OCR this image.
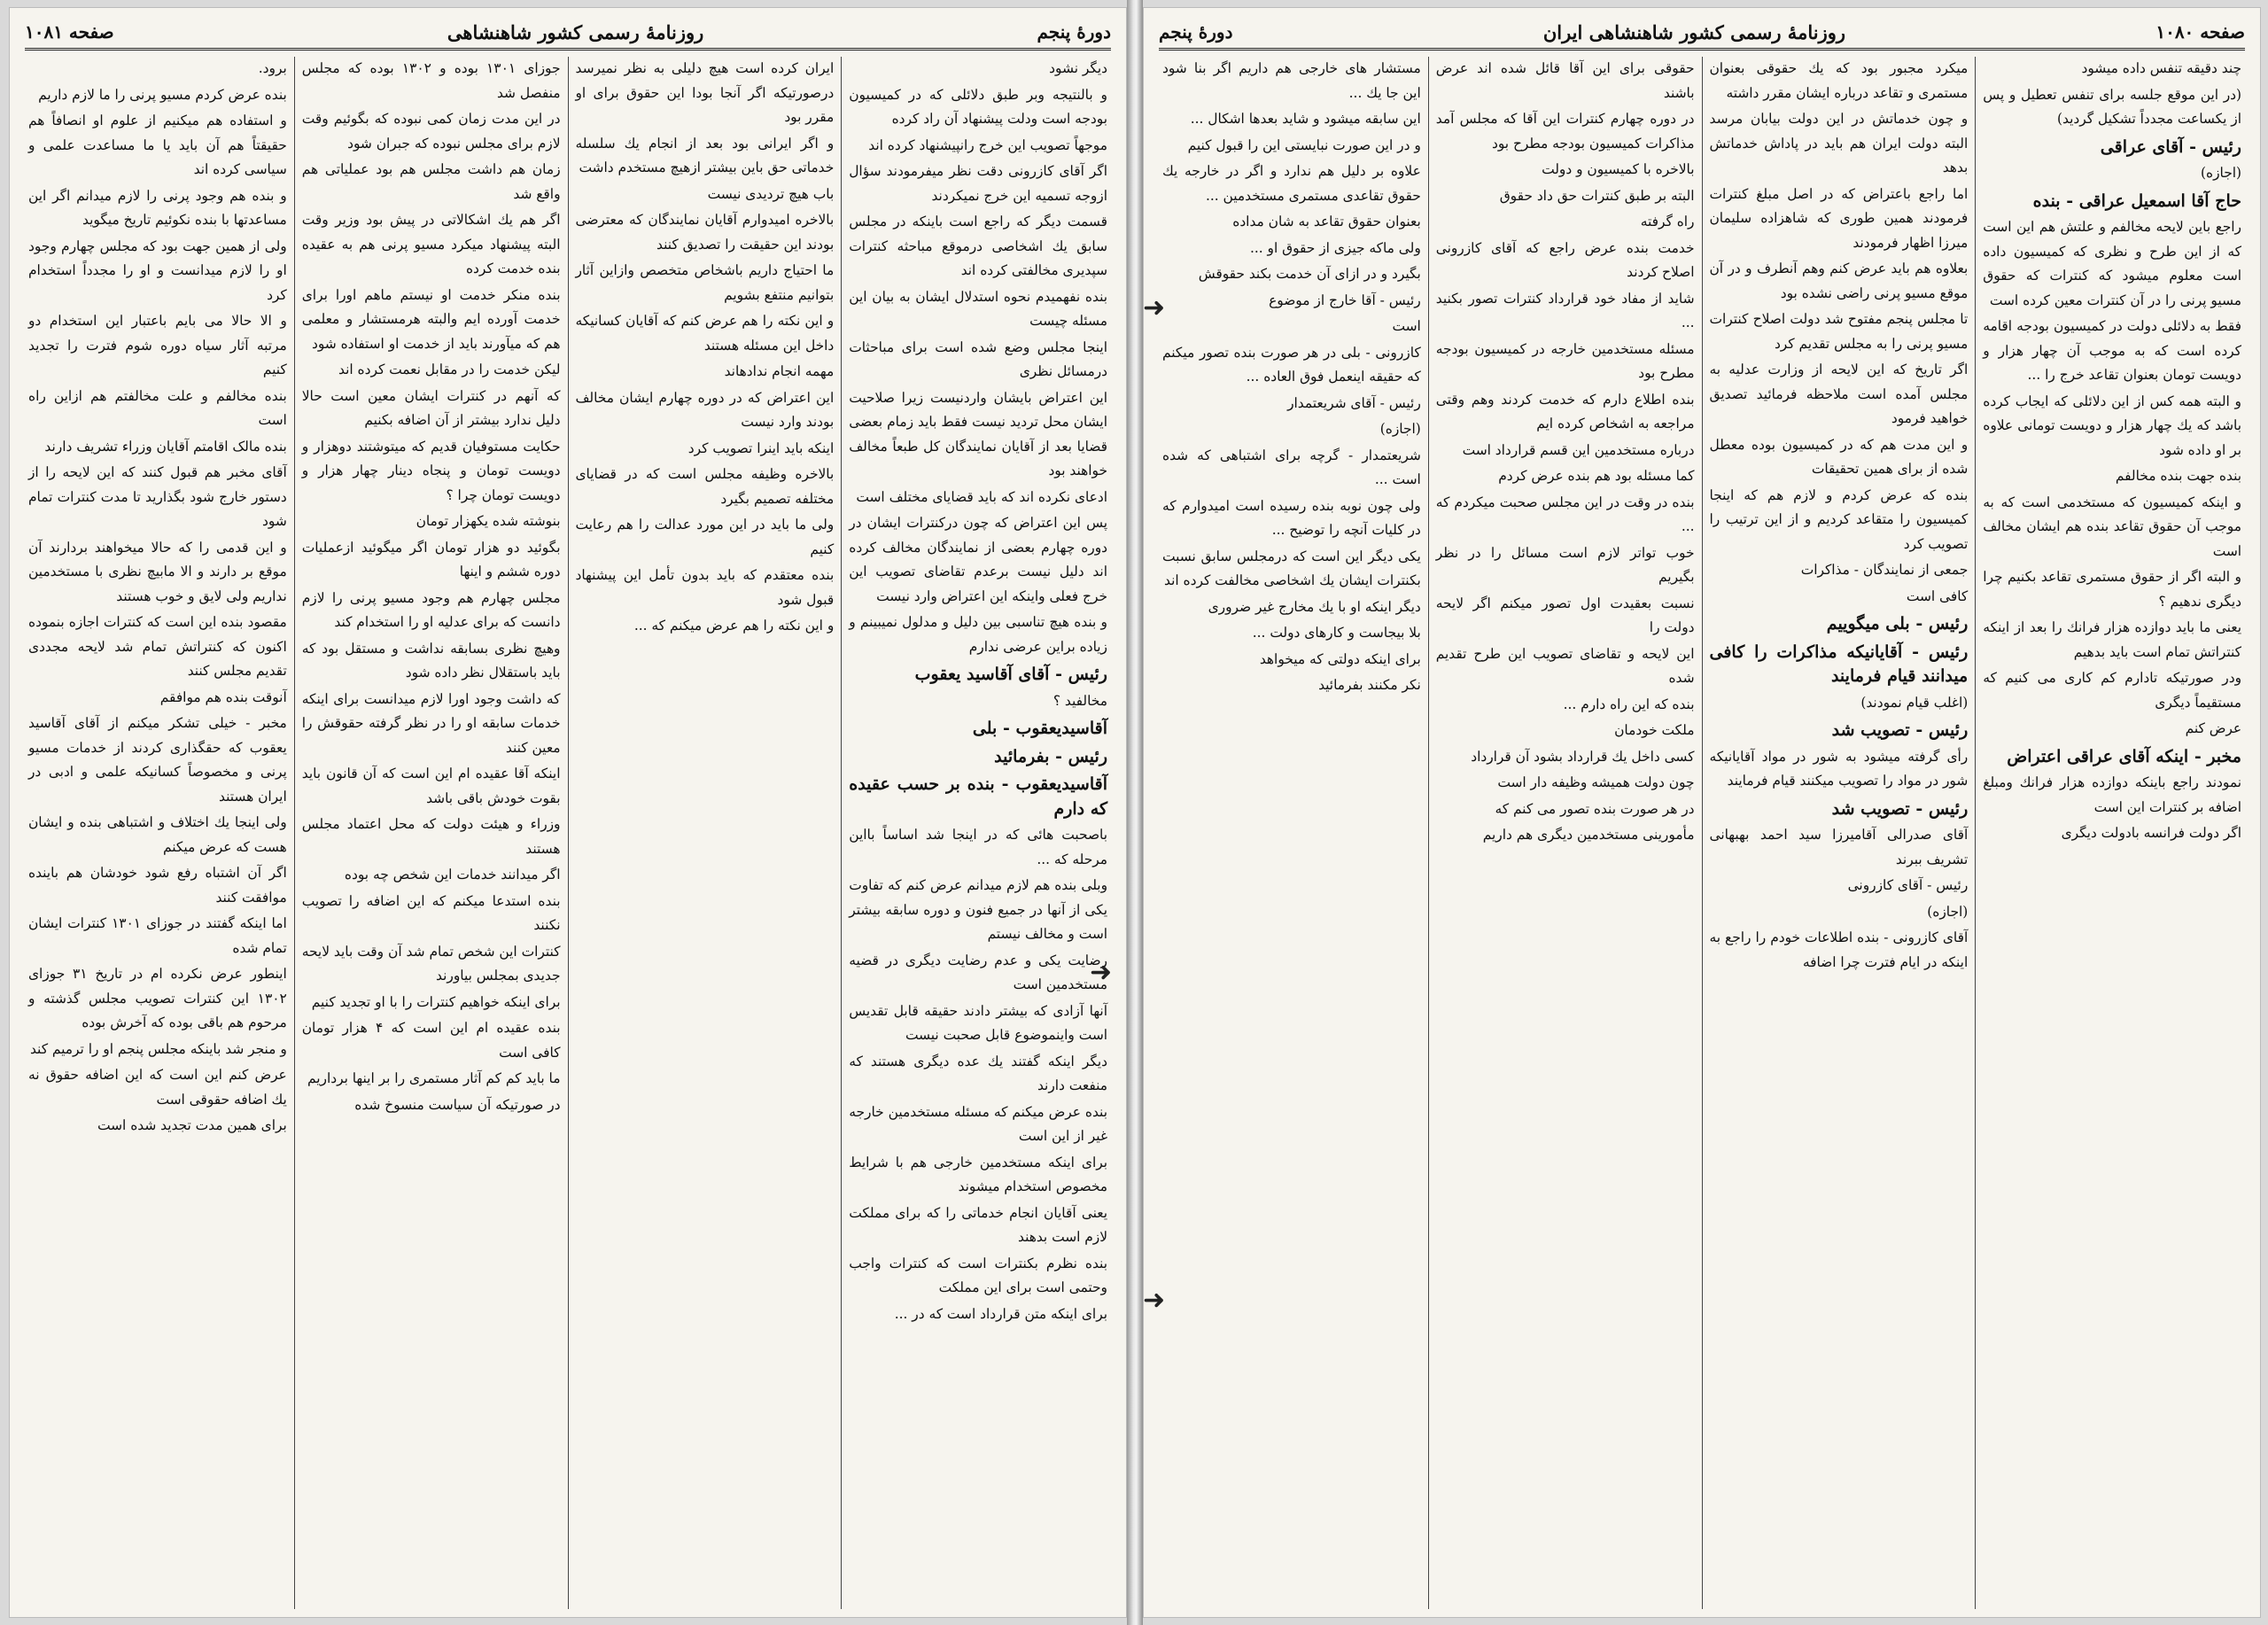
دورهٔ پنجم
روزنامهٔ رسمی کشور شاهنشاهی
صفحه ۱۰۸۱

دیگر نشود

و بالنتیجه وبر طبق دلائلی که در کمیسیون بودجه است ودلت پیشنهاد آن راد کرده

موجهاً تصویب این خرج رانپیشنهاد کرده اند

اگر آقای کازرونی دقت نظر میفرمودند سؤال ازوجه تسمیه این خرج نمیکردند

قسمت دیگر که راجع است باینکه در مجلس سابق یك اشخاصی درموقع مباحثه کنترات سپدیری مخالفتی کرده اند

بنده نفهمیدم نحوه استدلال ایشان به بیان این مسئله چیست

اینجا مجلس وضع شده است برای مباحثات درمسائل نظری

این اعتراض بایشان واردنیست زیرا صلاحیت ایشان محل تردید نیست فقط باید زمام بعضی قضایا بعد از آقایان نمایندگان کل طبعاً مخالف خواهند بود

ادعای نکرده اند که باید قضایای مختلف است

پس این اعتراض که چون درکنترات ایشان در دوره چهارم بعضی از نمایندگان مخالف کرده اند دلیل نیست برعدم تقاضای تصویب این خرج فعلی واینکه این اعتراض وارد نیست

و بنده هیچ تناسبی بین دلیل و مدلول نمیبینم و زیاده براین عرضی ندارم

رئیس - آقای آقاسید یعقوب

مخالفید ؟

آقاسیدیعقوب - بلی
رئیس - بفرمائید
آقاسیدیعقوب - بنده بر حسب عقیده که دارم

باصحبت هائی که در اینجا شد اساساً بااین مرحله که ...

وبلی بنده هم لازم میدانم عرض کنم که تفاوت یکی از آنها در جمیع فنون و دوره سابقه بیشتر است و مخالف نیستم

رضایت یکی و عدم رضایت دیگری در قضیه مستخدمین است

آنها آزادی که بیشتر دادند حقیقه قابل تقدیس است واینموضوع قابل صحبت نیست

دیگر اینکه گفتند یك عده دیگری هستند که منفعت دارند

بنده عرض میکنم که مسئله مستخدمین خارجه غیر از این است

برای اینکه مستخدمین خارجی هم با شرایط مخصوص استخدام میشوند

یعنی آقایان انجام خدماتی را که برای مملکت لازم است بدهند

بنده نظرم بکنترات است که کنترات واجب وحتمی است برای این مملکت

برای اینکه متن قرارداد است که در ...

ایران کرده است هیچ دلیلی به نظر نمیرسد درصورتیکه اگر آنجا بودا این حقوق برای او مقرر بود

و اگر ایرانی بود بعد از انجام یك سلسله خدماتی حق باین بیشتر ازهیچ مستخدم داشت

باب هیچ تردیدی نیست

بالاخره امیدوارم آقایان نمایندگان که معترضی بودند این حقیقت را تصدیق کنند

ما احتیاج داریم باشخاص متخصص وازاین آثار بتوانیم منتفع بشویم

و این نکته را هم عرض کنم که آقایان کسانیکه داخل این مسئله هستند

مهمه انجام ندادهاند

این اعتراض که در دوره چهارم ایشان مخالف بودند وارد نیست

اینکه باید اینرا تصویب کرد

بالاخره وظیفه مجلس است که در قضایای مختلفه تصمیم بگیرد

ولی ما باید در این مورد عدالت را هم رعایت کنیم

بنده معتقدم که باید بدون تأمل این پیشنهاد قبول شود

و این نکته را هم عرض میکنم که ...

جوزای ۱۳۰۱ بوده و ۱۳۰۲ بوده که مجلس منفصل شد

در این مدت زمان کمی نبوده که بگوئیم وقت لازم برای مجلس نبوده که جبران شود

زمان هم داشت مجلس هم بود عملیاتی هم واقع شد

اگر هم یك اشکالاتی در پیش بود وزیر وقت البته پیشنهاد میکرد مسیو پرنی هم به عقیده بنده خدمت کرده

بنده منکر خدمت او نیستم ماهم اورا برای خدمت آورده ایم والبته هرمستشار و معلمی هم که میآورند باید از خدمت او استفاده شود

لیکن خدمت را در مقابل نعمت کرده اند

که آنهم در کنترات ایشان معین است حالا دلیل ندارد بیشتر از آن اضافه بکنیم

حکایت مستوفیان قدیم که میتوشتند دوهزار و دویست تومان و پنجاه دینار چهار هزار و دویست تومان چرا ؟

بنوشته شده یکهزار تومان

بگوئید دو هزار تومان اگر میگوئید ازعملیات دوره ششم و اینها

مجلس چهارم هم وجود مسیو پرنی را لازم دانست که برای عدلیه او را استخدام کند

وهیچ نظری بسابقه نداشت و مستقل بود که باید باستقلال نظر داده شود

که داشت وجود اورا لازم میدانست برای اینکه خدمات سابقه او را در نظر گرفته حقوقش را معین کنند

اینکه آقا عقیده ام این است که آن قانون باید بقوت خودش باقی باشد

وزراء و هیئت دولت که محل اعتماد مجلس هستند

اگر میدانند خدمات این شخص چه بوده

بنده استدعا میکنم که این اضافه را تصویب نکنند

کنترات این شخص تمام شد آن وقت باید لایحه جدیدی بمجلس بیاورند

برای اینکه خواهیم کنترات را با او تجدید کنیم

بنده عقیده ام این است که ۴ هزار تومان کافی است

ما باید کم کم آثار مستمری را بر اینها برداریم

در صورتیکه آن سیاست منسوخ شده

برود.

بنده عرض کردم مسیو پرنی را ما لازم داریم

و استفاده هم میکنیم از علوم او انصافاً هم حقیقتاً هم آن باید یا ما مساعدت علمی و سیاسی کرده اند

و بنده هم وجود پرنی را لازم میدانم اگر این مساعدتها با بنده نکوئیم تاریخ میگوید

ولی از همین جهت بود که مجلس چهارم وجود او را لازم میدانست و او را مجدداً استخدام کرد

و الا حالا می بایم باعتبار این استخدام دو مرتبه آثار سیاه دوره شوم فترت را تجدید کنیم

بنده مخالفم و علت مخالفتم هم ازاین راه است

بنده مالک اقامتم آقایان وزراء تشریف دارند

آقای مخبر هم قبول کنند که این لایحه را از دستور خارج شود بگذارید تا مدت کنترات تمام شود

و این قدمی را که حالا میخواهند بردارند آن موقع بر دارند و الا مابیچ نظری با مستخدمین نداریم ولی لایق و خوب هستند

مقصود بنده این است که کنترات اجازه بنموده اکنون که کنتراتش تمام شد لایحه مجددی تقدیم مجلس کنند

آنوقت بنده هم موافقم

مخبر - خیلی تشکر میکنم از آقای آقاسید یعقوب که حقگذاری کردند از خدمات مسیو پرنی و مخصوصاً کسانیکه علمی و ادبی در ایران هستند

ولی اینجا یك اختلاف و اشتباهی بنده و ایشان هست که عرض میکنم

اگر آن اشتباه رفع شود خودشان هم باینده موافقت کنند

اما اینکه گفتند در جوزای ۱۳۰۱ کنترات ایشان تمام شده

اینطور عرض نکرده ام در تاریخ ۳۱ جوزای ۱۳۰۲ این کنترات تصویب مجلس گذشته و مرحوم هم باقی بوده که آخرش بوده

و منجر شد باینکه مجلس پنجم او را ترمیم کند

عرض کنم این است که این اضافه حقوق نه یك اضافه حقوقی است

برای همین مدت تجدید شده است

صفحه ۱۰۸۰
روزنامهٔ رسمی کشور شاهنشاهی ایران
دورهٔ پنجم

چند دقیقه تنفس داده میشود

(در این موقع جلسه برای تنفس تعطیل و پس از یکساعت مجدداً تشکیل گردید)

رئیس - آقای عراقی

(اجازه)

حاج آقا اسمعیل عراقی - بنده

راجع باین لایحه مخالفم و علتش هم این است که از این طرح و نظری که کمیسیون داده است معلوم میشود که کنترات که حقوق مسیو پرنی را در آن کنترات معین کرده است

فقط به دلائلی دولت در کمیسیون بودجه اقامه کرده است که به موجب آن چهار هزار و دویست تومان بعنوان تقاعد خرج را ...

و البته همه کس از این دلائلی که ایجاب کرده باشد که یك چهار هزار و دویست تومانی علاوه بر او داده شود

بنده جهت بنده مخالفم

و اینکه کمیسیون که مستخدمی است که به موجب آن حقوق تقاعد بنده هم ایشان مخالف است

و البته اگر از حقوق مستمری تقاعد بکنیم چرا دیگری ندهیم ؟

یعنی ما باید دوازده هزار فرانك را بعد از اینکه کنتراتش تمام است باید بدهیم

ودر صورتیکه تادارم کم کاری می کنیم که مستقیماً دیگری

عرض کنم

مخبر - اینکه آقای عراقی اعتراض

نمودند راجع باینکه دوازده هزار فرانك ومبلغ اضافه بر کنترات این است

اگر دولت فرانسه بادولت دیگری

میکرد مجبور بود که یك حقوقی بعنوان مستمری و تقاعد درباره ایشان مقرر داشته

و چون خدماتش در این دولت بیابان مرسد البته دولت ایران هم باید در پاداش خدماتش بدهد

اما راجع باعتراض که در اصل مبلغ کنترات فرمودند همین طوری که شاهزاده سلیمان میرزا اظهار فرمودند

بعلاوه هم باید عرض کنم وهم آنطرف و در آن موقع مسیو پرنی راضی نشده بود

تا مجلس پنجم مفتوح شد دولت اصلاح کنترات مسیو پرنی را به مجلس تقدیم کرد

اگر تاریخ که این لایحه از وزارت عدلیه به مجلس آمده است ملاحظه فرمائید تصدیق خواهید فرمود

و این مدت هم که در کمیسیون بوده معطل شده از برای همین تحقیقات

بنده که عرض کردم و لازم هم که اینجا کمیسیون را متقاعد کردیم و از این ترتیب را تصویب کرد

جمعی از نمایندگان - مذاکرات

کافی است

رئیس - بلی میگوییم
رئیس - آقایانیکه مذاکرات را کافی میدانند قیام فرمایند

(اغلب قیام نمودند)

رئیس - تصویب شد

رأی گرفته میشود به شور در مواد آقایانیکه شور در مواد را تصویب میکنند قیام فرمایند

رئیس - تصویب شد

آقای صدرالی آقامیرزا سید احمد بهبهانی تشریف ببرند

رئیس - آقای کازرونی

(اجازه)

آقای کازرونی - بنده اطلاعات خودم را راجع به اینکه در ایام فترت چرا اضافه

حقوقی برای این آقا قائل شده اند عرض باشند

در دوره چهارم کنترات این آقا که مجلس آمد مذاکرات کمیسیون بودجه مطرح بود

بالاخره با کمیسیون و دولت

البته بر طبق کنترات حق داد حقوق

راه گرفته

خدمت بنده عرض راجع که آقای کازرونی اصلاح کردند

شاید از مفاد خود قرارداد کنترات تصور بکنید ...

مسئله مستخدمین خارجه در کمیسیون بودجه مطرح بود

بنده اطلاع دارم که خدمت کردند وهم وقتی مراجعه به اشخاص کرده ایم

درباره مستخدمین این قسم قرارداد است

کما مسئله بود هم بنده عرض کردم

بنده در وقت در این مجلس صحبت میکردم که ...

خوب تواتر لازم است مسائل را در نظر بگیریم

نسبت بعقیدت اول تصور میکنم اگر لایحه دولت را

این لایحه و تقاضای تصویب این طرح تقدیم شده

بنده که این راه دارم ...

ملکت خودمان

کسی داخل یك قرارداد بشود آن قرارداد

چون دولت همیشه وظیفه دار است

در هر صورت بنده تصور می کنم که

مأمورینی مستخدمین دیگری هم داریم

مستشار های خارجی هم داریم اگر بنا شود این جا یك ...

این سابقه میشود و شاید بعدها اشکال ...

و در این صورت نبایستی این را قبول کنیم

علاوه بر دلیل هم ندارد و اگر در خارجه یك حقوق تقاعدی مستمری مستخدمین ...

بعنوان حقوق تقاعد به شان مداده

ولی ماکه جیزی از حقوق او ...

بگیرد و در ازای آن خدمت بکند حقوقش

رئیس - آقا خارج از موضوع

است

کازرونی - بلی در هر صورت بنده تصور میکنم که حقیقه اینعمل فوق العاده ...

رئیس - آقای شریعتمدار

(اجازه)

شریعتمدار - گرچه برای اشتباهی که شده است ...

ولی چون نوبه بنده رسیده است امیدوارم که در کلیات آنچه را توضیح ...

یکی دیگر این است که درمجلس سابق نسبت بکنترات ایشان یك اشخاصی مخالفت کرده اند

دیگر اینکه او با یك مخارج غیر ضروری

بلا بیجاست و کارهای دولت ...

برای اینکه دولتی که میخواهد

نکر مکنند بفرمائید

➜
➜
➜
